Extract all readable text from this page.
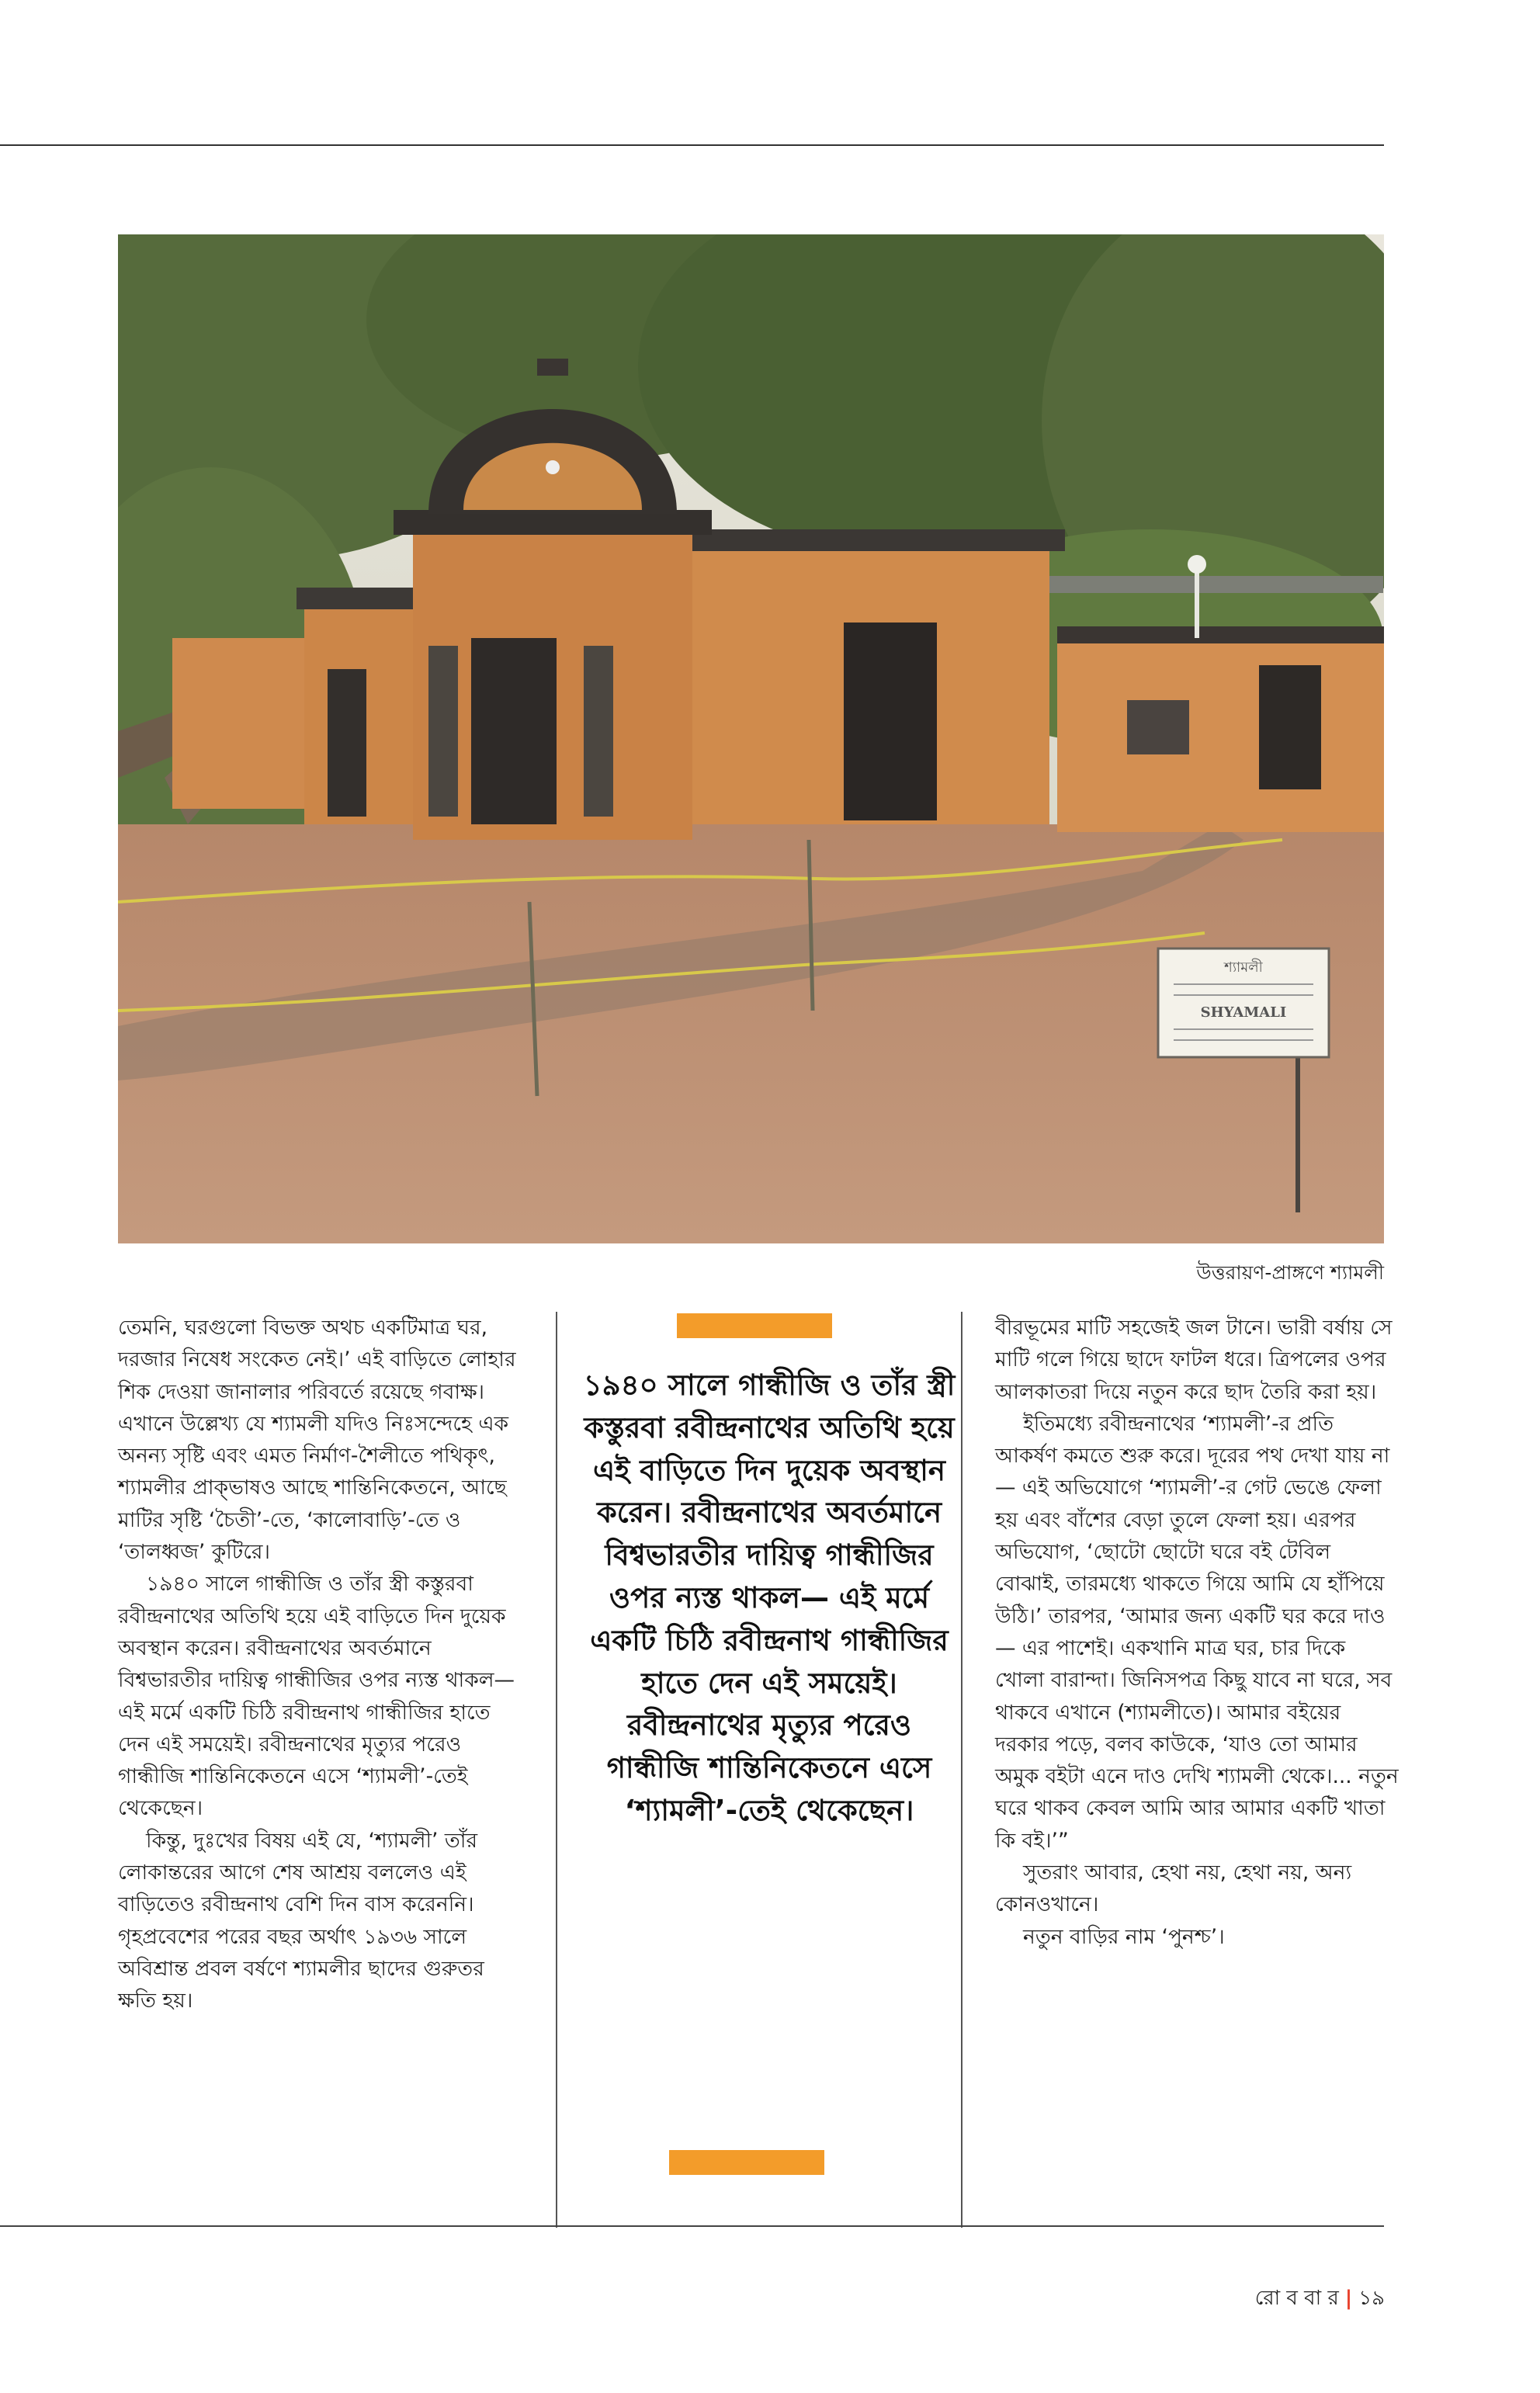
শ্যামলী
SHYAMALI
উত্তরায়ণ-প্রাঙ্গণে শ্যামলী

তেমনি, ঘরগুলো বিভক্ত অথচ একটিমাত্র ঘর, দরজার নিষেধ সংকেত নেই।’ এই বাড়িতে লোহার শিক দেওয়া জানালার পরিবর্তে রয়েছে গবাক্ষ। এখানে উল্লেখ্য যে শ্যামলী যদিও নিঃসন্দেহে এক অনন্য সৃষ্টি এবং এমত নির্মাণ-শৈলীতে পথিকৃৎ, শ্যামলীর প্রাক্‌ভাষও আছে শান্তিনিকেতনে, আছে মাটির সৃষ্টি ‘চৈতী’-তে, ‘কালোবাড়ি’-তে ও ‘তালধ্বজ’ কুটিরে।

১৯৪০ সালে গান্ধীজি ও তাঁর স্ত্রী কস্তুরবা রবীন্দ্রনাথের অতিথি হয়ে এই বাড়িতে দিন দুয়েক অবস্থান করেন। রবীন্দ্রনাথের অবর্তমানে বিশ্বভারতীর দায়িত্ব গান্ধীজির ওপর ন্যস্ত থাকল— এই মর্মে একটি চিঠি রবীন্দ্রনাথ গান্ধীজির হাতে দেন এই সময়েই। রবীন্দ্রনাথের মৃত্যুর পরেও গান্ধীজি শান্তিনিকেতনে এসে ‘শ্যামলী’-তেই থেকেছেন।

কিন্তু, দুঃখের বিষয় এই যে, ‘শ্যামলী’ তাঁর লোকান্তরের আগে শেষ আশ্রয় বললেও এই বাড়িতেও রবীন্দ্রনাথ বেশি দিন বাস করেননি। গৃহপ্রবেশের পরের বছর অর্থাৎ ১৯৩৬ সালে অবিশ্রান্ত প্রবল বর্ষণে শ্যামলীর ছাদের গুরুতর ক্ষতি হয়।

১৯৪০ সালে গান্ধীজি ও তাঁর স্ত্রী কস্তুরবা রবীন্দ্রনাথের অতিথি হয়ে এই বাড়িতে দিন দুয়েক অবস্থান করেন। রবীন্দ্রনাথের অবর্তমানে বিশ্বভারতীর দায়িত্ব গান্ধীজির ওপর ন্যস্ত থাকল— এই মর্মে একটি চিঠি রবীন্দ্রনাথ গান্ধীজির হাতে দেন এই সময়েই। রবীন্দ্রনাথের মৃত্যুর পরেও গান্ধীজি শান্তিনিকেতনে এসে ‘শ্যামলী’-তেই থেকেছেন।

বীরভূমের মাটি সহজেই জল টানে। ভারী বর্ষায় সে মাটি গলে গিয়ে ছাদে ফাটল ধরে। ত্রিপলের ওপর আলকাতরা দিয়ে নতুন করে ছাদ তৈরি করা হয়।

ইতিমধ্যে রবীন্দ্রনাথের ‘শ্যামলী’-র প্রতি আকর্ষণ কমতে শুরু করে। দূরের পথ দেখা যায় না— এই অভিযোগে ‘শ্যামলী’-র গেট ভেঙে ফেলা হয় এবং বাঁশের বেড়া তুলে ফেলা হয়। এরপর অভিযোগ, ‘ছোটো ছোটো ঘরে বই টেবিল বোঝাই, তারমধ্যে থাকতে গিয়ে আমি যে হাঁপিয়ে উঠি।’ তারপর, ‘আমার জন্য একটি ঘর করে দাও— এর পাশেই। একখানি মাত্র ঘর, চার দিকে খোলা বারান্দা। জিনিসপত্র কিছু যাবে না ঘরে, সব থাকবে এখানে (শ্যামলীতে)। আমার বইয়ের দরকার পড়ে, বলব কাউকে, ‘যাও তো আমার অমুক বইটা এনে দাও দেখি শ্যামলী থেকে।... নতুন ঘরে থাকব কেবল আমি আর আমার একটি খাতা কি বই।’”

সুতরাং আবার, হেথা নয়, হেথা নয়, অন্য কোনওখানে।

নতুন বাড়ির নাম ‘পুনশ্চ’।

রো ব বা র | ১৯
